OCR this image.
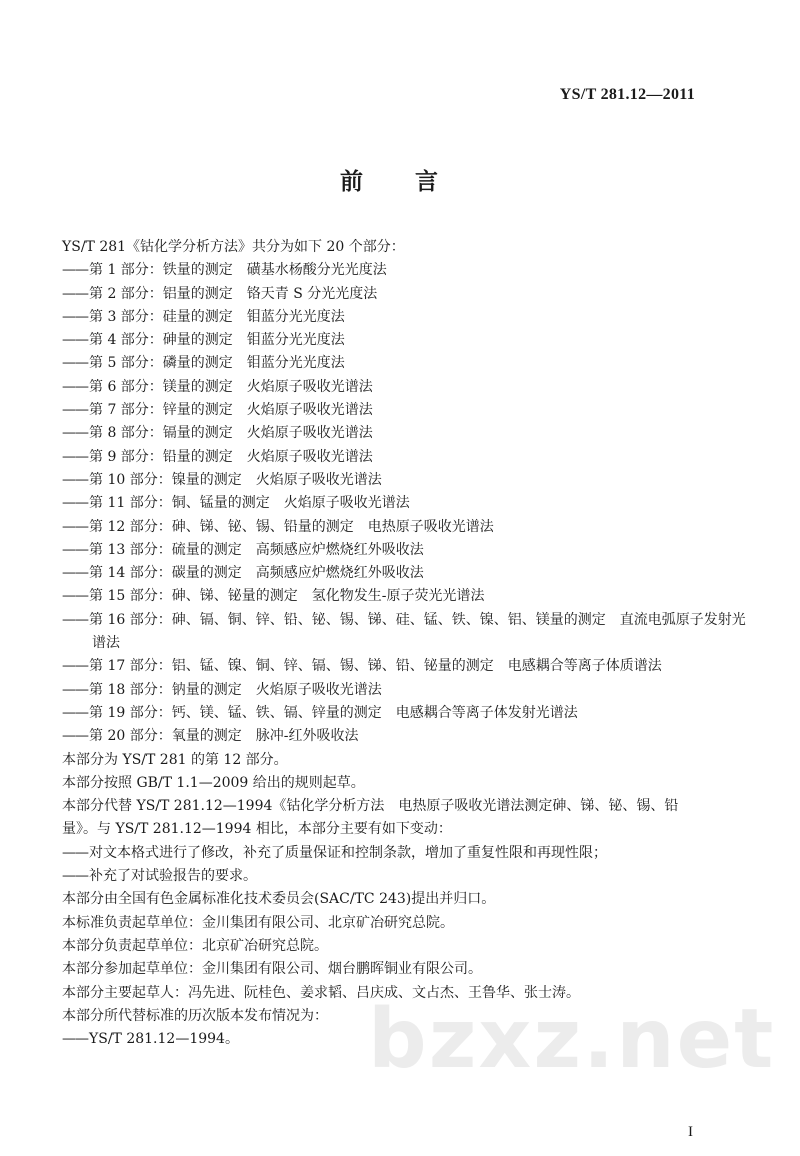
YS/T 281.12—2011
前 言
YS/T 281《钴化学分析方法》共分为如下 20 个部分：
—— 第 1 部分：铁量的测定　磺基水杨酸分光光度法
—— 第 2 部分：铝量的测定　铬天青 S 分光光度法
—— 第 3 部分：硅量的测定　钼蓝分光光度法
—— 第 4 部分：砷量的测定　钼蓝分光光度法
—— 第 5 部分：磷量的测定　钼蓝分光光度法
—— 第 6 部分：镁量的测定　火焰原子吸收光谱法
—— 第 7 部分：锌量的测定　火焰原子吸收光谱法
—— 第 8 部分：镉量的测定　火焰原子吸收光谱法
—— 第 9 部分：铅量的测定　火焰原子吸收光谱法
—— 第 10 部分：镍量的测定　火焰原子吸收光谱法
—— 第 11 部分：铜、锰量的测定　火焰原子吸收光谱法
—— 第 12 部分：砷、锑、铋、锡、铅量的测定　电热原子吸收光谱法
—— 第 13 部分：硫量的测定　高频感应炉燃烧红外吸收法
—— 第 14 部分：碳量的测定　高频感应炉燃烧红外吸收法
—— 第 15 部分：砷、锑、铋量的测定　氢化物发生-原子荧光光谱法
—— 第 16 部分：砷、镉、铜、锌、铅、铋、锡、锑、硅、锰、铁、镍、铝、镁量的测定　直流电弧原子发射光
谱法
—— 第 17 部分：铝、锰、镍、铜、锌、镉、锡、锑、铅、铋量的测定　电感耦合等离子体质谱法
—— 第 18 部分：钠量的测定　火焰原子吸收光谱法
—— 第 19 部分：钙、镁、锰、铁、镉、锌量的测定　电感耦合等离子体发射光谱法
—— 第 20 部分：氧量的测定　脉冲-红外吸收法
本部分为 YS/T 281 的第 12 部分。
本部分按照 GB/T 1.1—2009 给出的规则起草。
本部分代替 YS/T 281.12—1994《钴化学分析方法　电热原子吸收光谱法测定砷、锑、铋、锡、铅
量》。与 YS/T 281.12—1994 相比，本部分主要有如下变动：
—— 对文本格式进行了修改，补充了质量保证和控制条款，增加了重复性限和再现性限；
—— 补充了对试验报告的要求。
本部分由全国有色金属标准化技术委员会(SAC/TC 243)提出并归口。
本标准负责起草单位：金川集团有限公司、北京矿冶研究总院。
本部分负责起草单位：北京矿冶研究总院。
本部分参加起草单位：金川集团有限公司、烟台鹏晖铜业有限公司。
本部分主要起草人：冯先进、阮桂色、姜求韬、吕庆成、文占杰、王鲁华、张士涛。
本部分所代替标准的历次版本发布情况为：
—— YS/T 281.12—1994。	bzxz.net
I
